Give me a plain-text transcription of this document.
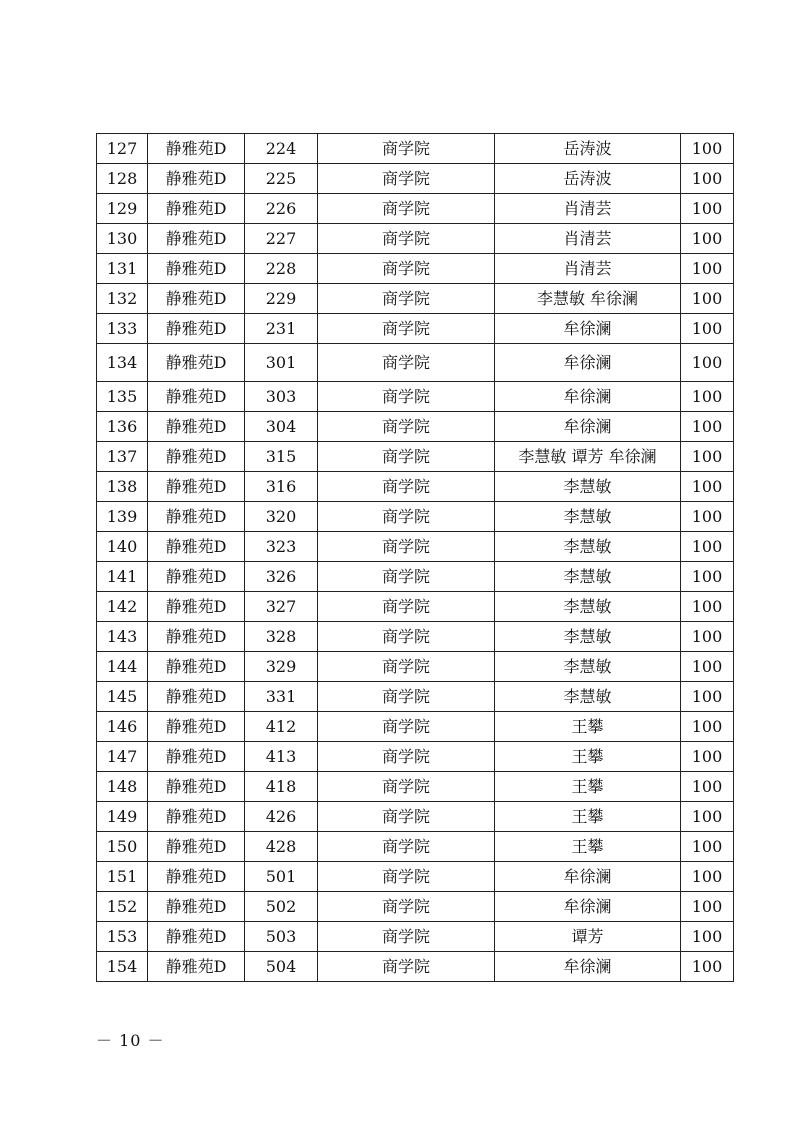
127	静雅苑D	224	商学院	岳涛波	100
128	静雅苑D	225	商学院	岳涛波	100
129	静雅苑D	226	商学院	肖清芸	100
130	静雅苑D	227	商学院	肖清芸	100
131	静雅苑D	228	商学院	肖清芸	100
132	静雅苑D	229	商学院	李慧敏 牟徐澜	100
133	静雅苑D	231	商学院	牟徐澜	100
134	静雅苑D	301	商学院	牟徐澜	100
135	静雅苑D	303	商学院	牟徐澜	100
136	静雅苑D	304	商学院	牟徐澜	100
137	静雅苑D	315	商学院	李慧敏 谭芳 牟徐澜	100
138	静雅苑D	316	商学院	李慧敏	100
139	静雅苑D	320	商学院	李慧敏	100
140	静雅苑D	323	商学院	李慧敏	100
141	静雅苑D	326	商学院	李慧敏	100
142	静雅苑D	327	商学院	李慧敏	100
143	静雅苑D	328	商学院	李慧敏	100
144	静雅苑D	329	商学院	李慧敏	100
145	静雅苑D	331	商学院	李慧敏	100
146	静雅苑D	412	商学院	王攀	100
147	静雅苑D	413	商学院	王攀	100
148	静雅苑D	418	商学院	王攀	100
149	静雅苑D	426	商学院	王攀	100
150	静雅苑D	428	商学院	王攀	100
151	静雅苑D	501	商学院	牟徐澜	100
152	静雅苑D	502	商学院	牟徐澜	100
153	静雅苑D	503	商学院	谭芳	100
154	静雅苑D	504	商学院	牟徐澜	100
－ 10 －
